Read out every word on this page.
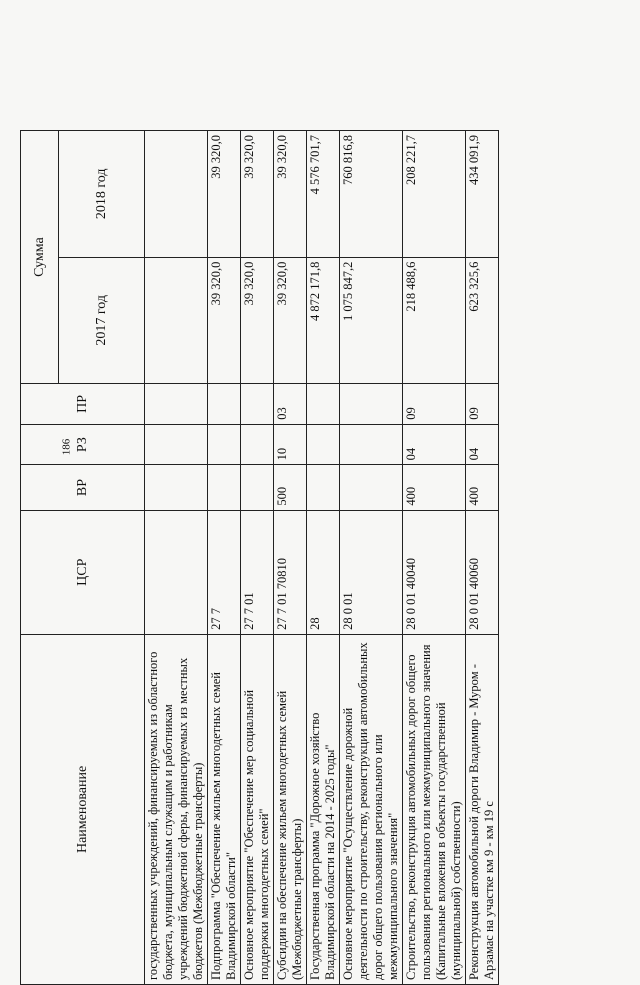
186
Наименование	ЦСР	ВР	РЗ	ПР	Сумма	
					2017 год	2018 год
государственных учреждений, финансируемых из областного бюджета, муниципальным служащим и работникам учреждений бюджетной сферы, финансируемых из местных бюджетов (Межбюджетные трансферты)						
Подпрограмма "Обеспечение жильем многодетных семей Владимирской области"	27 7				39 320,0	39 320,0
Основное мероприятие "Обеспечение мер социальной поддержки многодетных семей"	27 7 01				39 320,0	39 320,0
Субсидии на обеспечение жильем многодетных семей (Межбюджетные трансферты)	27 7 01 70810	500	10	03	39 320,0	39 320,0
Государственная программа "Дорожное хозяйство Владимирской области на 2014 - 2025 годы"	28				4 872 171,8	4 576 701,7
Основное мероприятие "Осуществление дорожной деятельности по строительству, реконструкции автомобильных дорог общего пользования регионального или межмуниципального значения"	28 0 01				1 075 847,2	760 816,8
Строительство, реконструкция автомобильных дорог общего пользования регионального или межмуниципального значения (Капитальные вложения в объекты государственной (муниципальной) собственности)	28 0 01 40040	400	04	09	218 488,6	208 221,7
Реконструкция автомобильной дороги Владимир - Муром - Арзамас на участке км 9 - км 19 с	28 0 01 40060	400	04	09	623 325,6	434 091,9
